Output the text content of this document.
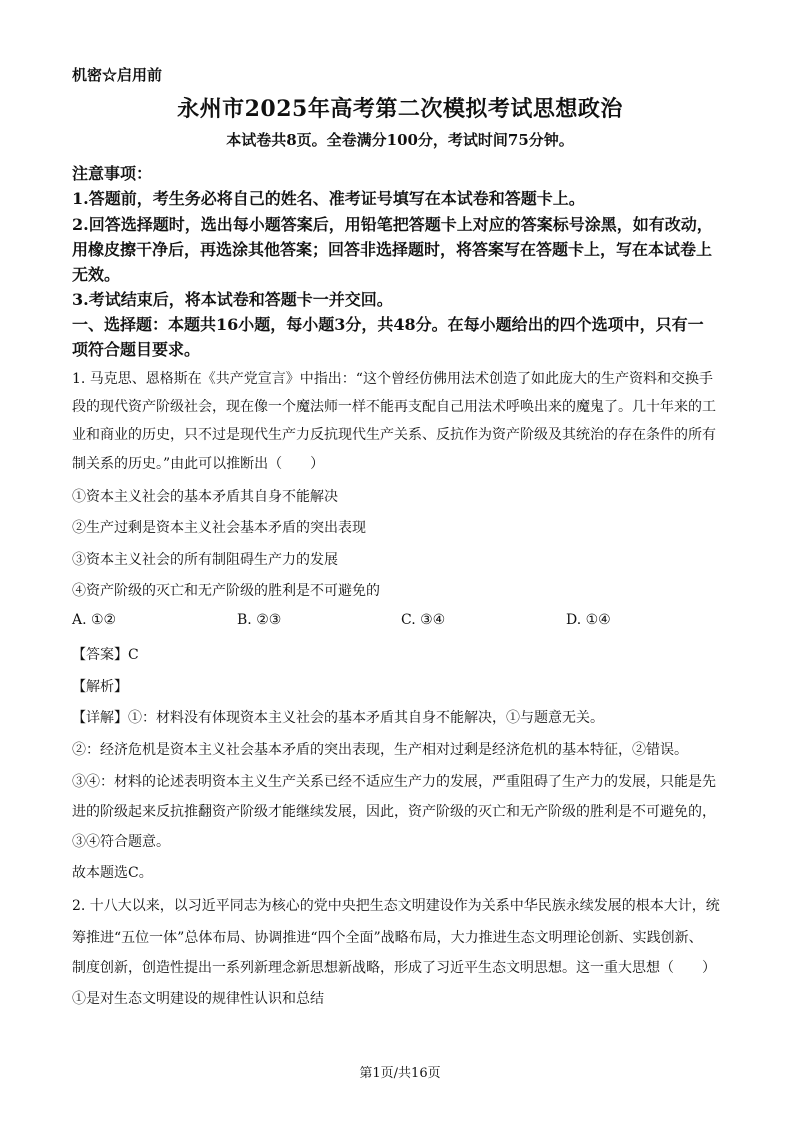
机密☆启用前
永州市2025年高考第二次模拟考试思想政治
本试卷共8页。全卷满分100分，考试时间75分钟。
注意事项：
1.答题前，考生务必将自己的姓名、准考证号填写在本试卷和答题卡上。
2.回答选择题时，选出每小题答案后，用铅笔把答题卡上对应的答案标号涂黑，如有改动，
用橡皮擦干净后，再选涂其他答案；回答非选择题时，将答案写在答题卡上，写在本试卷上
无效。
3.考试结束后，将本试卷和答题卡一并交回。
一、选择题：本题共16小题，每小题3分，共48分。在每小题给出的四个选项中，只有一
项符合题目要求。
1. 马克思、恩格斯在《共产党宣言》中指出：“这个曾经仿佛用法术创造了如此庞大的生产资料和交换手
段的现代资产阶级社会，现在像一个魔法师一样不能再支配自己用法术呼唤出来的魔鬼了。几十年来的工
业和商业的历史，只不过是现代生产力反抗现代生产关系、反抗作为资产阶级及其统治的存在条件的所有
制关系的历史。”由此可以推断出（　　）
①资本主义社会的基本矛盾其自身不能解决
②生产过剩是资本主义社会基本矛盾的突出表现
③资本主义社会的所有制阻碍生产力的发展
④资产阶级的灭亡和无产阶级的胜利是不可避免的
A. ①②	B. ②③	C. ③④	D. ①④
【答案】C
【解析】
【详解】①：材料没有体现资本主义社会的基本矛盾其自身不能解决，①与题意无关。
②：经济危机是资本主义社会基本矛盾的突出表现，生产相对过剩是经济危机的基本特征，②错误。
③④：材料的论述表明资本主义生产关系已经不适应生产力的发展，严重阻碍了生产力的发展，只能是先
进的阶级起来反抗推翻资产阶级才能继续发展，因此，资产阶级的灭亡和无产阶级的胜利是不可避免的，
③④符合题意。
故本题选C。
2. 十八大以来，以习近平同志为核心的党中央把生态文明建设作为关系中华民族永续发展的根本大计，统
筹推进“五位一体”总体布局、协调推进“四个全面”战略布局，大力推进生态文明理论创新、实践创新、
制度创新，创造性提出一系列新理念新思想新战略，形成了习近平生态文明思想。这一重大思想（　　）
①是对生态文明建设的规律性认识和总结
第1页/共16页
